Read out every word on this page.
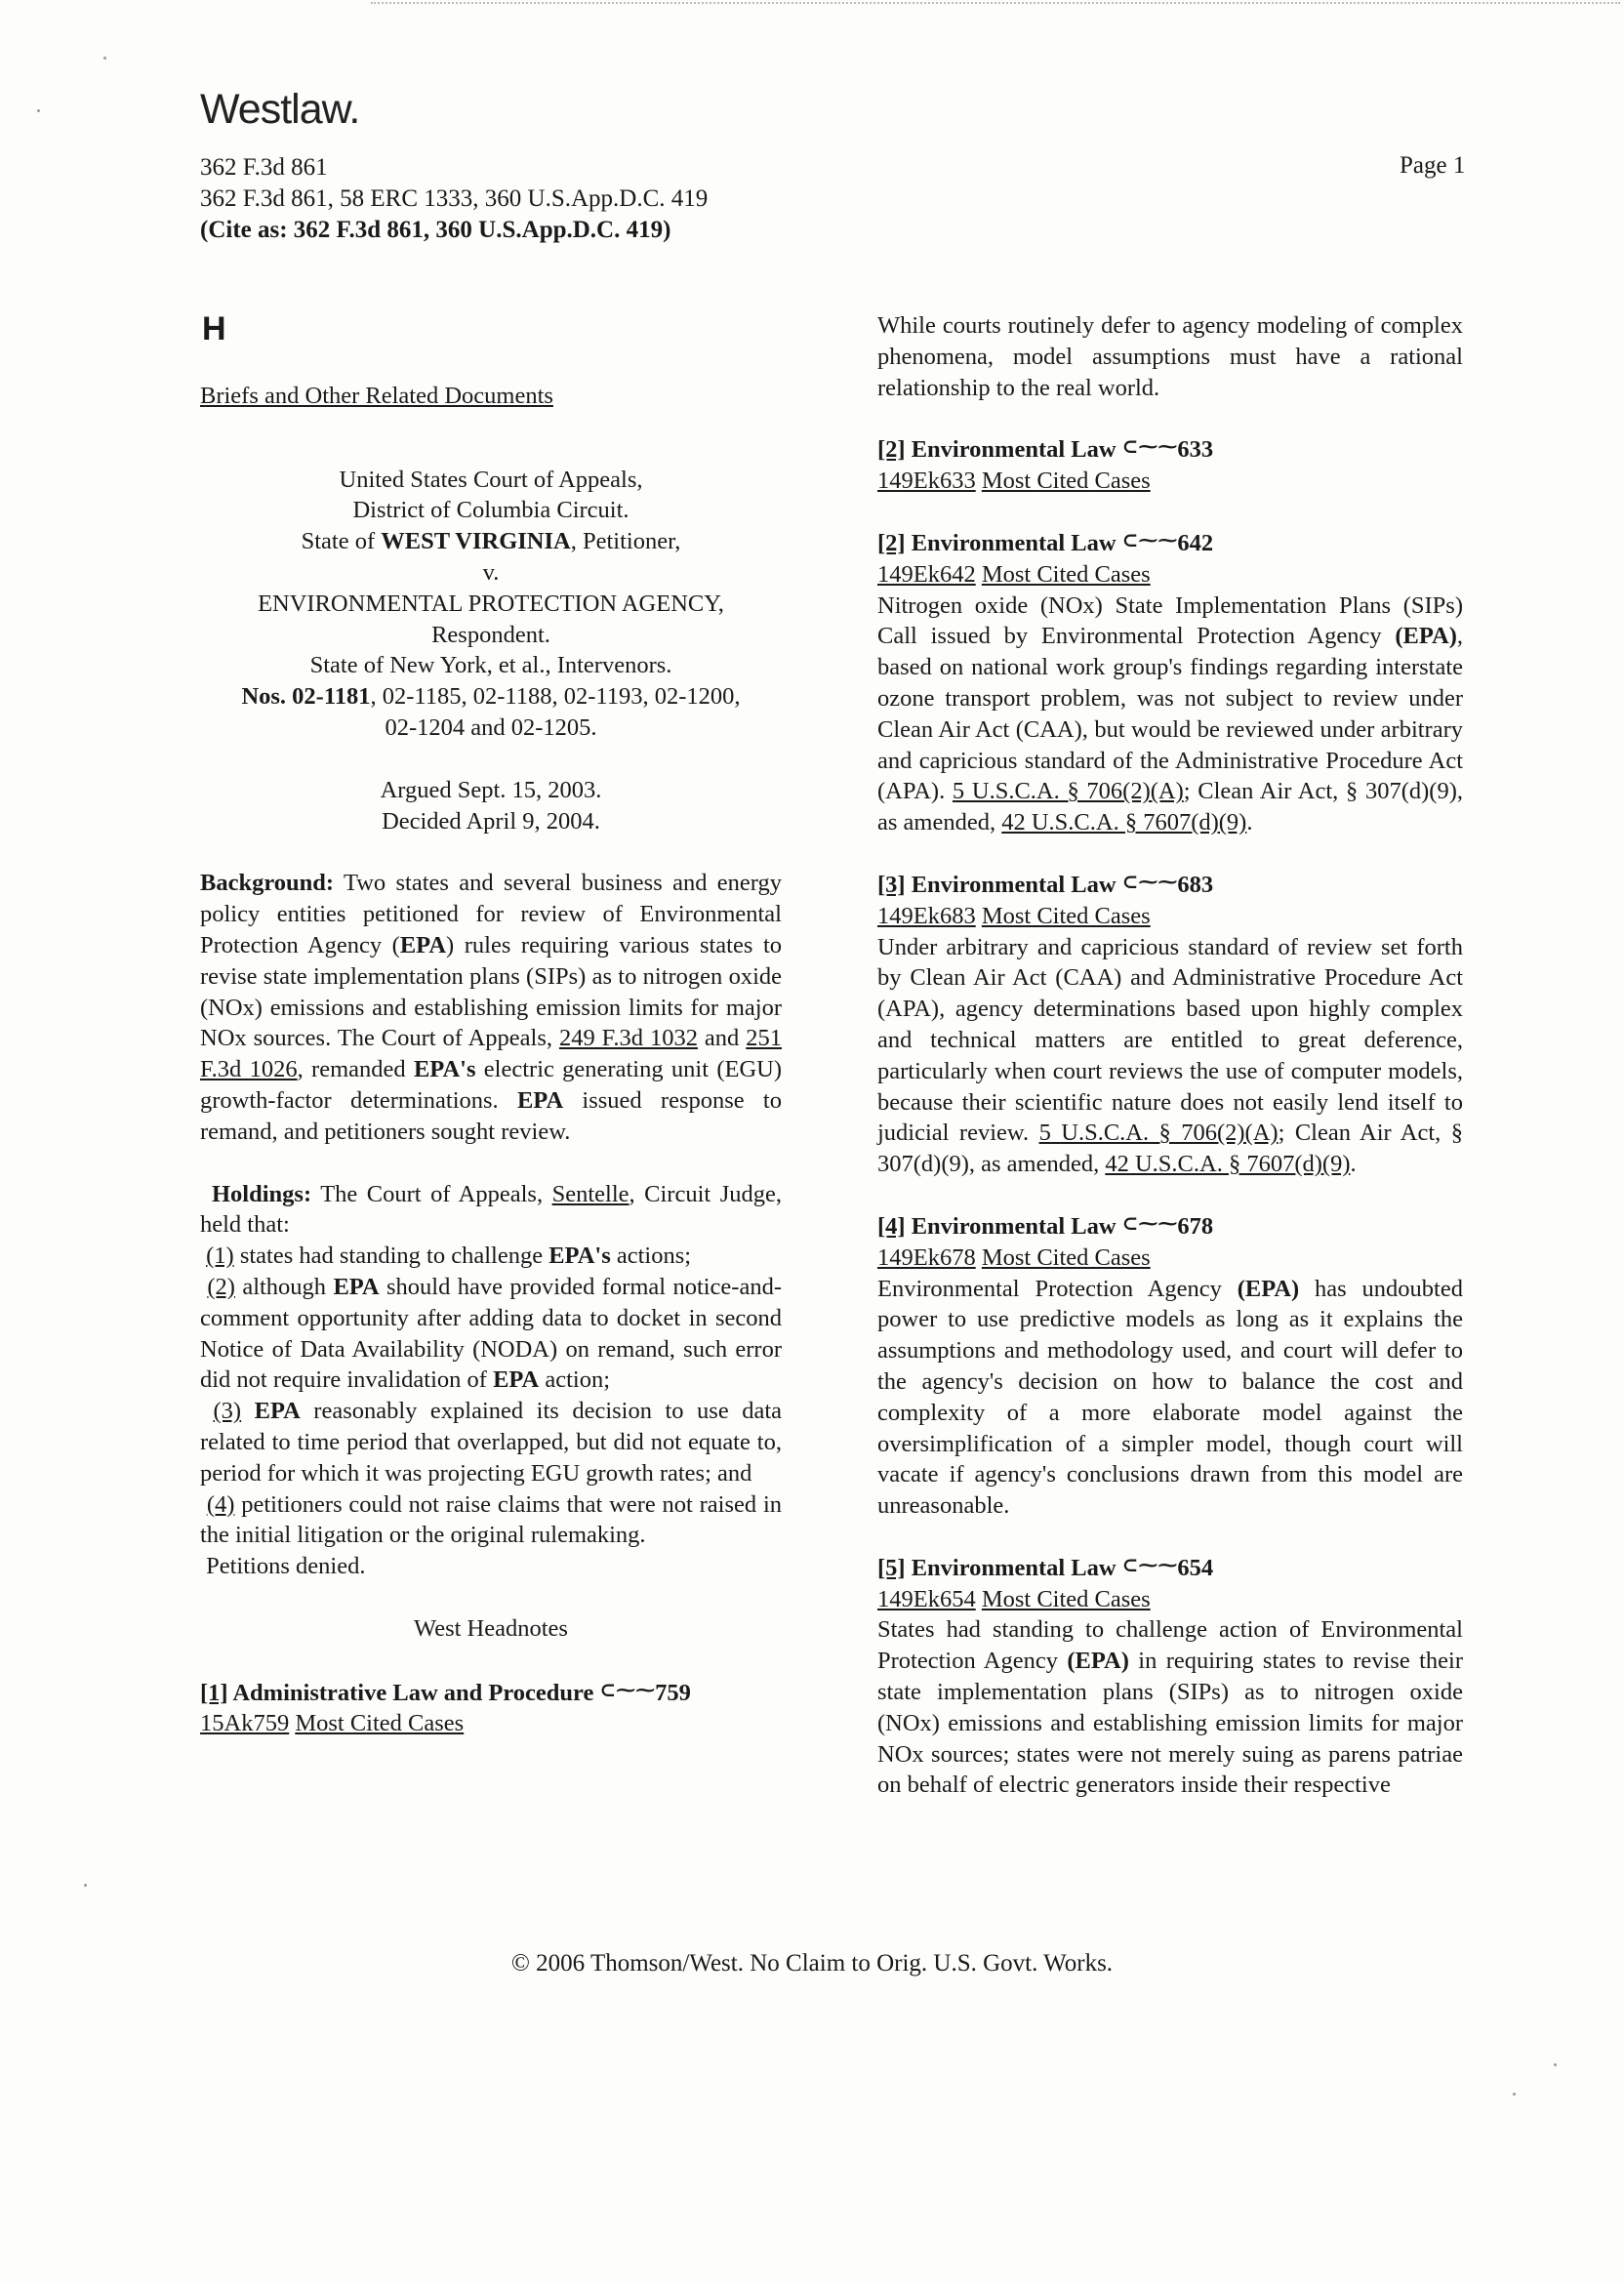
Westlaw.
362 F.3d 861
362 F.3d 861, 58 ERC 1333, 360 U.S.App.D.C. 419
(Cite as: 362 F.3d 861, 360 U.S.App.D.C. 419)
Page 1
H

Briefs and Other Related Documents

United States Court of Appeals,

District of Columbia Circuit.

State of WEST VIRGINIA, Petitioner,

v.

ENVIRONMENTAL PROTECTION AGENCY,

Respondent.

State of New York, et al., Intervenors.

Nos. 02-1181, 02-1185, 02-1188, 02-1193, 02-1200,

02-1204 and 02-1205.

Argued Sept. 15, 2003.

Decided April 9, 2004.

Background: Two states and several business and energy policy entities petitioned for review of Environmental Protection Agency (EPA) rules requiring various states to revise state implementation plans (SIPs) as to nitrogen oxide (NOx) emissions and establishing emission limits for major NOx sources. The Court of Appeals, 249 F.3d 1032 and 251 F.3d 1026, remanded EPA's electric generating unit (EGU) growth-factor determinations. EPA issued response to remand, and petitioners sought review.

Holdings: The Court of Appeals, Sentelle, Circuit Judge, held that:

(1) states had standing to challenge EPA's actions;

(2) although EPA should have provided formal notice-and-comment opportunity after adding data to docket in second Notice of Data Availability (NODA) on remand, such error did not require invalidation of EPA action;

(3) EPA reasonably explained its decision to use data related to time period that overlapped, but did not equate to, period for which it was projecting EGU growth rates; and

(4) petitioners could not raise claims that were not raised in the initial litigation or the original rulemaking.

Petitions denied.

West Headnotes

[1] Administrative Law and Procedure ⊂⁓⁓759

15Ak759 Most Cited Cases

While courts routinely defer to agency modeling of complex phenomena, model assumptions must have a rational relationship to the real world.

[2] Environmental Law ⊂⁓⁓633

149Ek633 Most Cited Cases

[2] Environmental Law ⊂⁓⁓642

149Ek642 Most Cited Cases

Nitrogen oxide (NOx) State Implementation Plans (SIPs) Call issued by Environmental Protection Agency (EPA), based on national work group's findings regarding interstate ozone transport problem, was not subject to review under Clean Air Act (CAA), but would be reviewed under arbitrary and capricious standard of the Administrative Procedure Act (APA). 5 U.S.C.A. § 706(2)(A); Clean Air Act, § 307(d)(9), as amended, 42 U.S.C.A. § 7607(d)(9).

[3] Environmental Law ⊂⁓⁓683

149Ek683 Most Cited Cases

Under arbitrary and capricious standard of review set forth by Clean Air Act (CAA) and Administrative Procedure Act (APA), agency determinations based upon highly complex and technical matters are entitled to great deference, particularly when court reviews the use of computer models, because their scientific nature does not easily lend itself to judicial review. 5 U.S.C.A. § 706(2)(A); Clean Air Act, § 307(d)(9), as amended, 42 U.S.C.A. § 7607(d)(9).

[4] Environmental Law ⊂⁓⁓678

149Ek678 Most Cited Cases

Environmental Protection Agency (EPA) has undoubted power to use predictive models as long as it explains the assumptions and methodology used, and court will defer to the agency's decision on how to balance the cost and complexity of a more elaborate model against the oversimplification of a simpler model, though court will vacate if agency's conclusions drawn from this model are unreasonable.

[5] Environmental Law ⊂⁓⁓654

149Ek654 Most Cited Cases

States had standing to challenge action of Environmental Protection Agency (EPA) in requiring states to revise their state implementation plans (SIPs) as to nitrogen oxide (NOx) emissions and establishing emission limits for major NOx sources; states were not merely suing as parens patriae on behalf of electric generators inside their respective

© 2006 Thomson/West. No Claim to Orig. U.S. Govt. Works.
